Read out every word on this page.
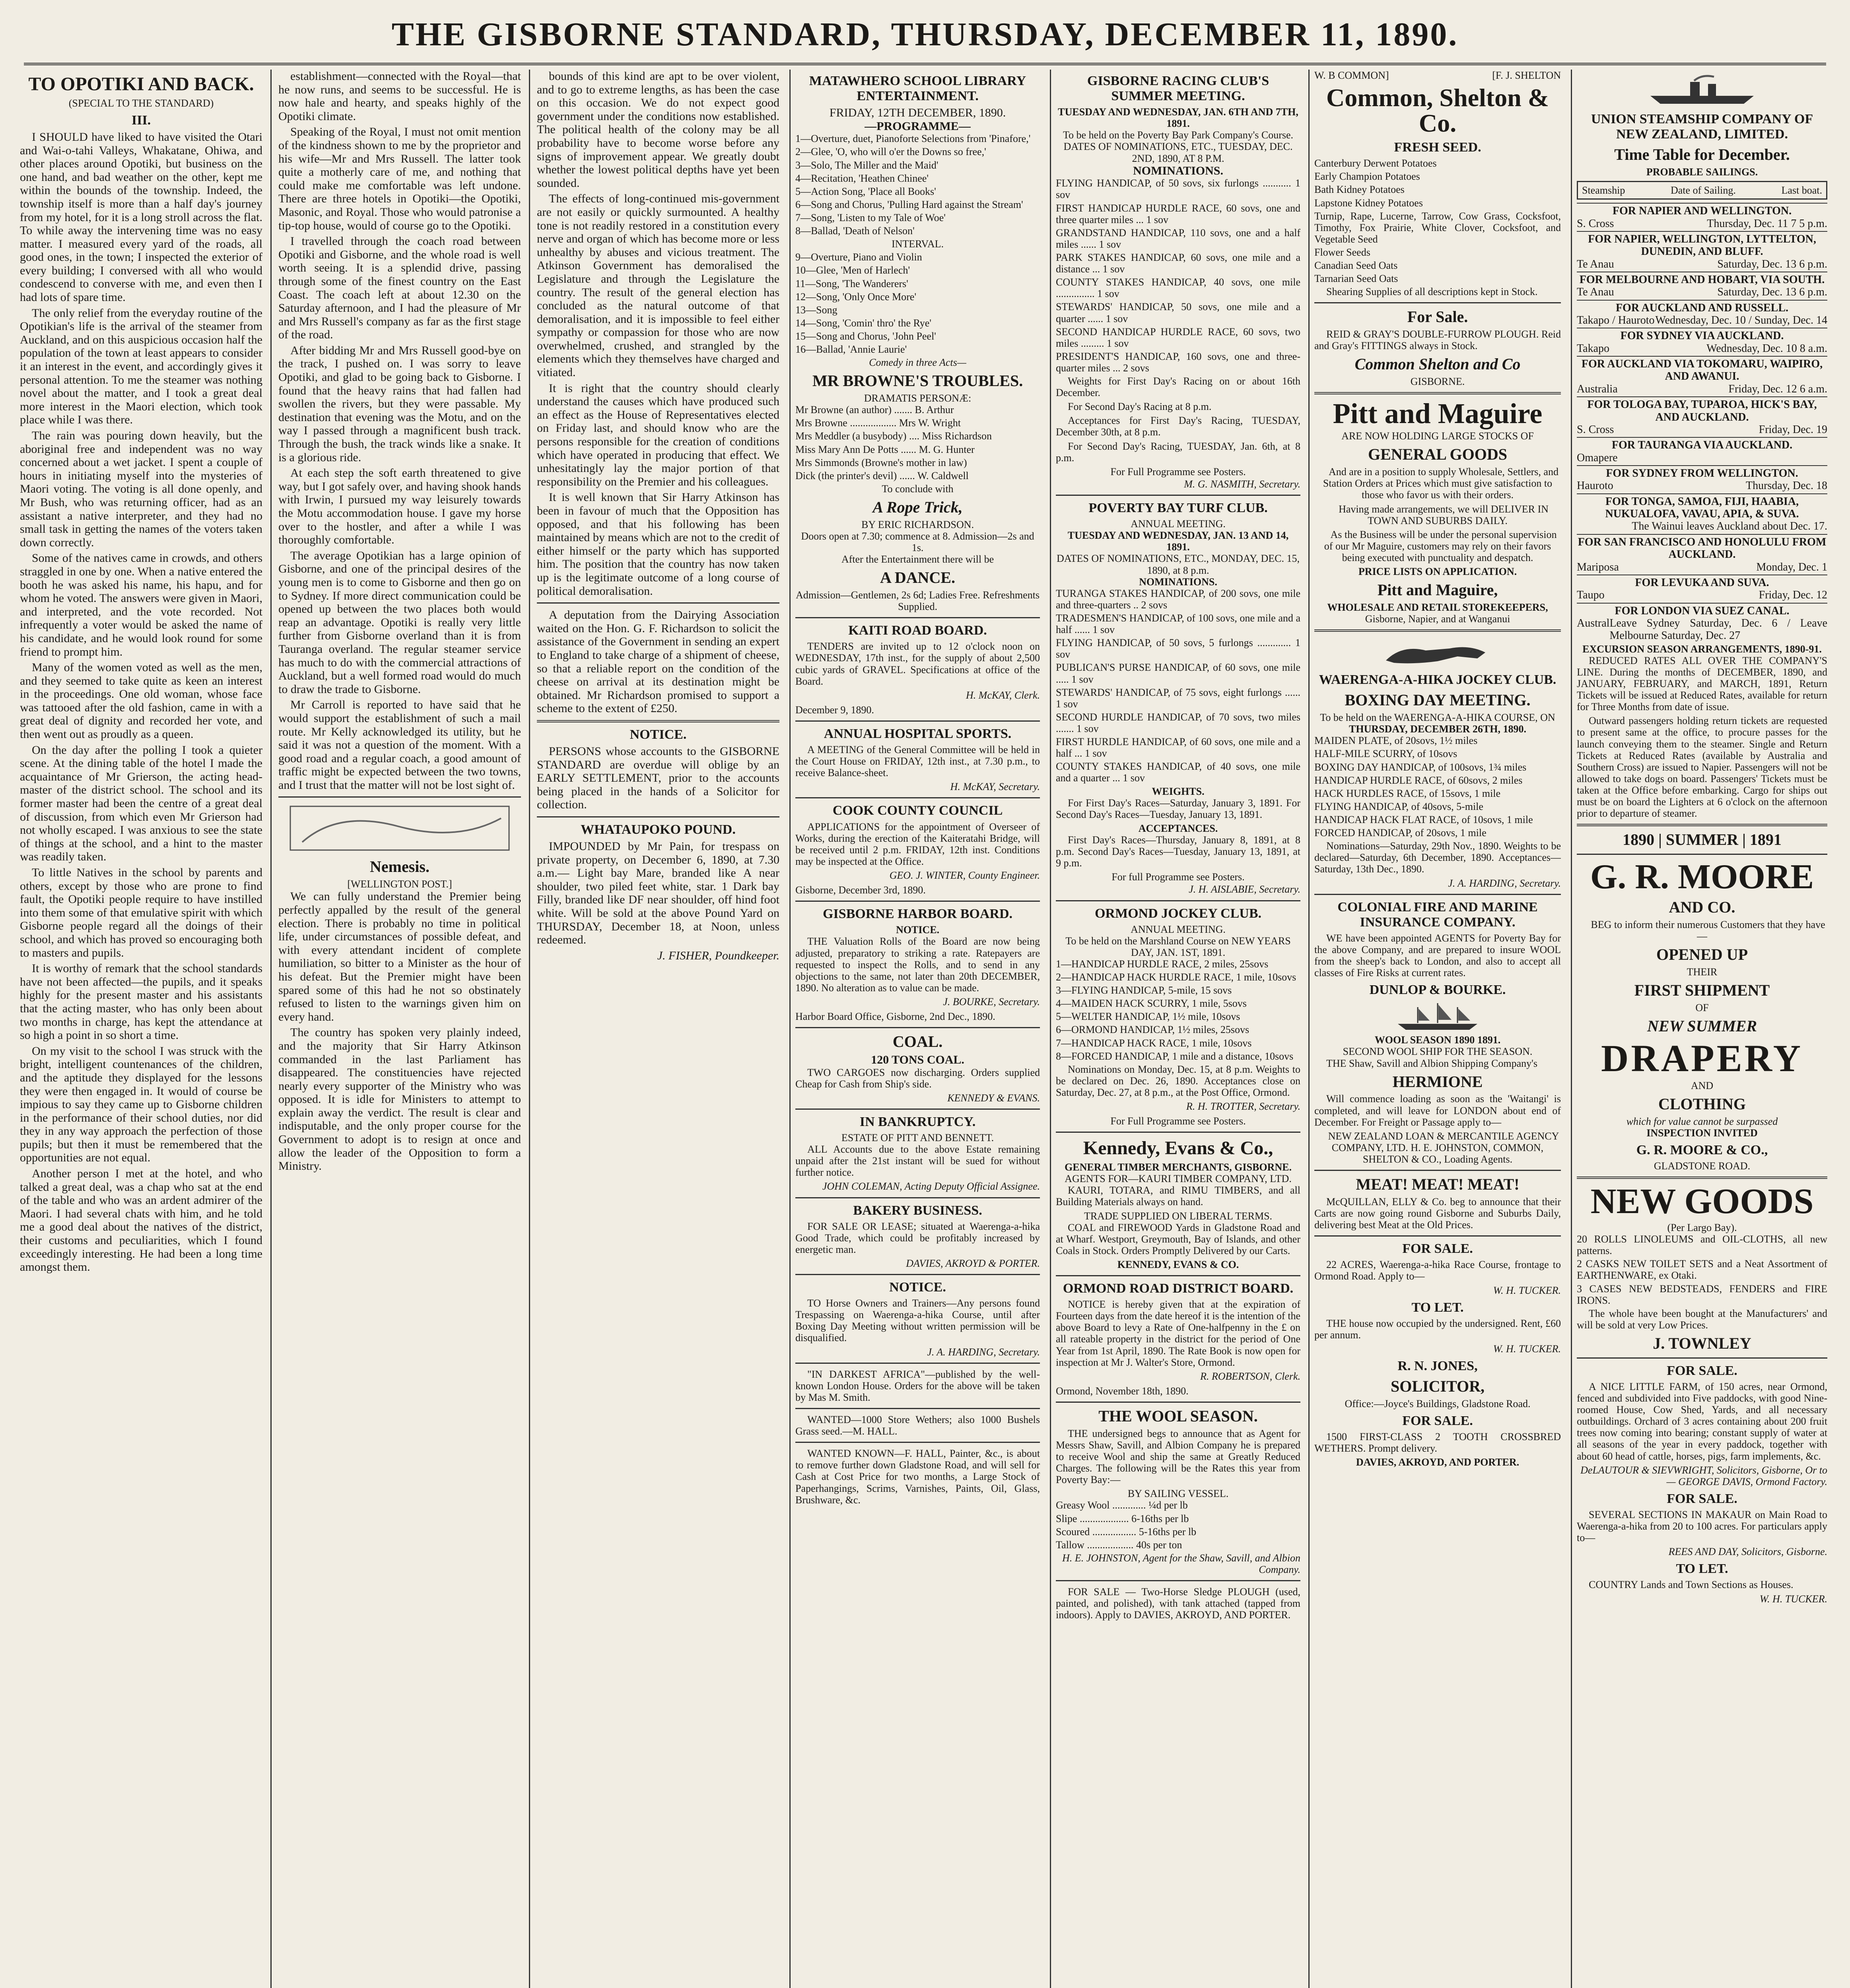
THE GISBORNE STANDARD, THURSDAY, DECEMBER 11, 1890.
TO OPOTIKI AND BACK.
(SPECIAL TO THE STANDARD)
III.

I SHOULD have liked to have visited the Otari and Wai-o-tahi Valleys, Whakatane, Ohiwa, and other places around Opotiki, but business on the one hand, and bad weather on the other, kept me within the bounds of the township. Indeed, the township itself is more than a half day's journey from my hotel, for it is a long stroll across the flat. To while away the intervening time was no easy matter. I measured every yard of the roads, all good ones, in the town; I inspected the exterior of every building; I conversed with all who would condescend to converse with me, and even then I had lots of spare time.

The only relief from the everyday routine of the Opotikian's life is the arrival of the steamer from Auckland, and on this auspicious occasion half the population of the town at least appears to consider it an interest in the event, and accordingly gives it personal attention. To me the steamer was nothing novel about the matter, and I took a great deal more interest in the Maori election, which took place while I was there.

The rain was pouring down heavily, but the aboriginal free and independent was no way concerned about a wet jacket. I spent a couple of hours in initiating myself into the mysteries of Maori voting. The voting is all done openly, and Mr Bush, who was returning officer, had as an assistant a native interpreter, and they had no small task in getting the names of the voters taken down correctly.

Some of the natives came in crowds, and others straggled in one by one. When a native entered the booth he was asked his name, his hapu, and for whom he voted. The answers were given in Maori, and interpreted, and the vote recorded. Not infrequently a voter would be asked the name of his candidate, and he would look round for some friend to prompt him.

Many of the women voted as well as the men, and they seemed to take quite as keen an interest in the proceedings. One old woman, whose face was tattooed after the old fashion, came in with a great deal of dignity and recorded her vote, and then went out as proudly as a queen.

On the day after the polling I took a quieter scene. At the dining table of the hotel I made the acquaintance of Mr Grierson, the acting head-master of the district school. The school and its former master had been the centre of a great deal of discussion, from which even Mr Grierson had not wholly escaped. I was anxious to see the state of things at the school, and a hint to the master was readily taken.

To little Natives in the school by parents and others, except by those who are prone to find fault, the Opotiki people require to have instilled into them some of that emulative spirit with which Gisborne people regard all the doings of their school, and which has proved so encouraging both to masters and pupils.

It is worthy of remark that the school standards have not been affected—the pupils, and it speaks highly for the present master and his assistants that the acting master, who has only been about two months in charge, has kept the attendance at so high a point in so short a time.

On my visit to the school I was struck with the bright, intelligent countenances of the children, and the aptitude they displayed for the lessons they were then engaged in. It would of course be impious to say they came up to Gisborne children in the performance of their school duties, nor did they in any way approach the perfection of those pupils; but then it must be remembered that the opportunities are not equal.

Another person I met at the hotel, and who talked a great deal, was a chap who sat at the end of the table and who was an ardent admirer of the Maori. I had several chats with him, and he told me a good deal about the natives of the district, their customs and peculiarities, which I found exceedingly interesting. He had been a long time amongst them.

establishment—connected with the Royal—that he now runs, and seems to be successful. He is now hale and hearty, and speaks highly of the Opotiki climate.

Speaking of the Royal, I must not omit mention of the kindness shown to me by the proprietor and his wife—Mr and Mrs Russell. The latter took quite a motherly care of me, and nothing that could make me comfortable was left undone. There are three hotels in Opotiki—the Opotiki, Masonic, and Royal. Those who would patronise a tip-top house, would of course go to the Opotiki.

I travelled through the coach road between Opotiki and Gisborne, and the whole road is well worth seeing. It is a splendid drive, passing through some of the finest country on the East Coast. The coach left at about 12.30 on the Saturday afternoon, and I had the pleasure of Mr and Mrs Russell's company as far as the first stage of the road.

After bidding Mr and Mrs Russell good-bye on the track, I pushed on. I was sorry to leave Opotiki, and glad to be going back to Gisborne. I found that the heavy rains that had fallen had swollen the rivers, but they were passable. My destination that evening was the Motu, and on the way I passed through a magnificent bush track. Through the bush, the track winds like a snake. It is a glorious ride.

At each step the soft earth threatened to give way, but I got safely over, and having shook hands with Irwin, I pursued my way leisurely towards the Motu accommodation house. I gave my horse over to the hostler, and after a while I was thoroughly comfortable.

The average Opotikian has a large opinion of Gisborne, and one of the principal desires of the young men is to come to Gisborne and then go on to Sydney. If more direct communication could be opened up between the two places both would reap an advantage. Opotiki is really very little further from Gisborne overland than it is from Tauranga overland. The regular steamer service has much to do with the commercial attractions of Auckland, but a well formed road would do much to draw the trade to Gisborne.

Mr Carroll is reported to have said that he would support the establishment of such a mail route. Mr Kelly acknowledged its utility, but he said it was not a question of the moment. With a good road and a regular coach, a good amount of traffic might be expected between the two towns, and I trust that the matter will not be lost sight of.

Nemesis.
[WELLINGTON POST.]

We can fully understand the Premier being perfectly appalled by the result of the general election. There is probably no time in political life, under circumstances of possible defeat, and with every attendant incident of complete humiliation, so bitter to a Minister as the hour of his defeat. But the Premier might have been spared some of this had he not so obstinately refused to listen to the warnings given him on every hand.

The country has spoken very plainly indeed, and the majority that Sir Harry Atkinson commanded in the last Parliament has disappeared. The constituencies have rejected nearly every supporter of the Ministry who was opposed. It is idle for Ministers to attempt to explain away the verdict. The result is clear and indisputable, and the only proper course for the Government to adopt is to resign at once and allow the leader of the Opposition to form a Ministry.

bounds of this kind are apt to be over violent, and to go to extreme lengths, as has been the case on this occasion. We do not expect good government under the conditions now established. The political health of the colony may be all probability have to become worse before any signs of improvement appear. We greatly doubt whether the lowest political depths have yet been sounded.

The effects of long-continued mis-government are not easily or quickly surmounted. A healthy tone is not readily restored in a constitution every nerve and organ of which has become more or less unhealthy by abuses and vicious treatment. The Atkinson Government has demoralised the Legislature and through the Legislature the country. The result of the general election has concluded as the natural outcome of that demoralisation, and it is impossible to feel either sympathy or compassion for those who are now overwhelmed, crushed, and strangled by the elements which they themselves have charged and vitiated.

It is right that the country should clearly understand the causes which have produced such an effect as the House of Representatives elected on Friday last, and should know who are the persons responsible for the creation of conditions which have operated in producing that effect. We unhesitatingly lay the major portion of that responsibility on the Premier and his colleagues.

It is well known that Sir Harry Atkinson has been in favour of much that the Opposition has opposed, and that his following has been maintained by means which are not to the credit of either himself or the party which has supported him. The position that the country has now taken up is the legitimate outcome of a long course of political demoralisation.

A deputation from the Dairying Association waited on the Hon. G. F. Richardson to solicit the assistance of the Government in sending an expert to England to take charge of a shipment of cheese, so that a reliable report on the condition of the cheese on arrival at its destination might be obtained. Mr Richardson promised to support a scheme to the extent of £250.

NOTICE.

PERSONS whose accounts to the GISBORNE STANDARD are overdue will oblige by an EARLY SETTLEMENT, prior to the accounts being placed in the hands of a Solicitor for collection.

WHATAUPOKO POUND.

IMPOUNDED by Mr Pain, for trespass on private property, on December 6, 1890, at 7.30 a.m.— Light bay Mare, branded like A near shoulder, two piled feet white, star. 1 Dark bay Filly, branded like DF near shoulder, off hind foot white. Will be sold at the above Pound Yard on THURSDAY, December 18, at Noon, unless redeemed.

J. FISHER, Poundkeeper.
MATAWHERO SCHOOL LIBRARY ENTERTAINMENT.
FRIDAY, 12TH DECEMBER, 1890.
—PROGRAMME—
1—Overture, duet, Pianoforte Selections from 'Pinafore,'
2—Glee, 'O, who will o'er the Downs so free,'
3—Solo, The Miller and the Maid'
4—Recitation, 'Heathen Chinee'
5—Action Song, 'Place all Books'
6—Song and Chorus, 'Pulling Hard against the Stream'
7—Song, 'Listen to my Tale of Woe'
8—Ballad, 'Death of Nelson'
INTERVAL.
9—Overture, Piano and Violin
10—Glee, 'Men of Harlech'
11—Song, 'The Wanderers'
12—Song, 'Only Once More'
13—Song
14—Song, 'Comin' thro' the Rye'
15—Song and Chorus, 'John Peel'
16—Ballad, 'Annie Laurie'
Comedy in three Acts—
MR BROWNE'S TROUBLES.
DRAMATIS PERSONÆ:
Mr Browne (an author) ....... B. Arthur
Mrs Browne .................. Mrs W. Wright
Mrs Meddler (a busybody) .... Miss Richardson
Miss Mary Ann De Potts ...... M. G. Hunter
Mrs Simmonds (Browne's mother in law)
Dick (the printer's devil) ...... W. Caldwell
To conclude with
A Rope Trick,
BY ERIC RICHARDSON.
Doors open at 7.30; commence at 8. Admission—2s and 1s.
After the Entertainment there will be
A DANCE.
Admission—Gentlemen, 2s 6d; Ladies Free. Refreshments Supplied.
KAITI ROAD BOARD.

TENDERS are invited up to 12 o'clock noon on WEDNESDAY, 17th inst., for the supply of about 2,500 cubic yards of GRAVEL. Specifications at office of the Board.

H. McKAY, Clerk.
December 9, 1890.
ANNUAL HOSPITAL SPORTS.

A MEETING of the General Committee will be held in the Court House on FRIDAY, 12th inst., at 7.30 p.m., to receive Balance-sheet.

H. McKAY, Secretary.
COOK COUNTY COUNCIL

APPLICATIONS for the appointment of Overseer of Works, during the erection of the Kaiteratahi Bridge, will be received until 2 p.m. FRIDAY, 12th inst. Conditions may be inspected at the Office.

GEO. J. WINTER, County Engineer.
Gisborne, December 3rd, 1890.
GISBORNE HARBOR BOARD.
NOTICE.

THE Valuation Rolls of the Board are now being adjusted, preparatory to striking a rate. Ratepayers are requested to inspect the Rolls, and to send in any objections to the same, not later than 20th DECEMBER, 1890. No alteration as to value can be made.

J. BOURKE, Secretary.
Harbor Board Office, Gisborne, 2nd Dec., 1890.
COAL.
120 TONS COAL.

TWO CARGOES now discharging. Orders supplied Cheap for Cash from Ship's side.

KENNEDY & EVANS.
IN BANKRUPTCY.
ESTATE OF PITT AND BENNETT.

ALL Accounts due to the above Estate remaining unpaid after the 21st instant will be sued for without further notice.

JOHN COLEMAN, Acting Deputy Official Assignee.
BAKERY BUSINESS.

FOR SALE OR LEASE; situated at Waerenga-a-hika Good Trade, which could be profitably increased by energetic man.

DAVIES, AKROYD & PORTER.
NOTICE.

TO Horse Owners and Trainers—Any persons found Trespassing on Waerenga-a-hika Course, until after Boxing Day Meeting without written permission will be disqualified.

J. A. HARDING, Secretary.

"IN DARKEST AFRICA"—published by the well-known London House. Orders for the above will be taken by Mas M. Smith.

WANTED—1000 Store Wethers; also 1000 Bushels Grass seed.—M. HALL.

WANTED KNOWN—F. HALL, Painter, &c., is about to remove further down Gladstone Road, and will sell for Cash at Cost Price for two months, a Large Stock of Paperhangings, Scrims, Varnishes, Paints, Oil, Glass, Brushware, &c.

GISBORNE RACING CLUB'S SUMMER MEETING.
TUESDAY AND WEDNESDAY, JAN. 6TH AND 7TH, 1891.
To be held on the Poverty Bay Park Company's Course.
DATES OF NOMINATIONS, ETC., TUESDAY, DEC. 2ND, 1890, AT 8 P.M.
NOMINATIONS.
FLYING HANDICAP, of 50 sovs, six furlongs ........... 1 sov
FIRST HANDICAP HURDLE RACE, 60 sovs, one and three quarter miles ... 1 sov
GRANDSTAND HANDICAP, 110 sovs, one and a half miles ...... 1 sov
PARK STAKES HANDICAP, 60 sovs, one mile and a distance ... 1 sov
COUNTY STAKES HANDICAP, 40 sovs, one mile ............... 1 sov
STEWARDS' HANDICAP, 50 sovs, one mile and a quarter ...... 1 sov
SECOND HANDICAP HURDLE RACE, 60 sovs, two miles ......... 1 sov
PRESIDENT'S HANDICAP, 160 sovs, one and three-quarter miles ... 2 sovs

Weights for First Day's Racing on or about 16th December.

For Second Day's Racing at 8 p.m.

Acceptances for First Day's Racing, TUESDAY, December 30th, at 8 p.m.

For Second Day's Racing, TUESDAY, Jan. 6th, at 8 p.m.

For Full Programme see Posters.
M. G. NASMITH, Secretary.
POVERTY BAY TURF CLUB.
ANNUAL MEETING.
TUESDAY AND WEDNESDAY, JAN. 13 AND 14, 1891.
DATES OF NOMINATIONS, ETC., MONDAY, DEC. 15, 1890, at 8 p.m.
NOMINATIONS.
TURANGA STAKES HANDICAP, of 200 sovs, one mile and three-quarters .. 2 sovs
TRADESMEN'S HANDICAP, of 100 sovs, one mile and a half ...... 1 sov
FLYING HANDICAP, of 50 sovs, 5 furlongs ............. 1 sov
PUBLICAN'S PURSE HANDICAP, of 60 sovs, one mile ..... 1 sov
STEWARDS' HANDICAP, of 75 sovs, eight furlongs ...... 1 sov
SECOND HURDLE HANDICAP, of 70 sovs, two miles ....... 1 sov
FIRST HURDLE HANDICAP, of 60 sovs, one mile and a half ... 1 sov
COUNTY STAKES HANDICAP, of 40 sovs, one mile and a quarter ... 1 sov
WEIGHTS.

For First Day's Races—Saturday, January 3, 1891. For Second Day's Races—Tuesday, January 13, 1891.

ACCEPTANCES.

First Day's Races—Thursday, January 8, 1891, at 8 p.m. Second Day's Races—Tuesday, January 13, 1891, at 9 p.m.

For full Programme see Posters.
J. H. AISLABIE, Secretary.
ORMOND JOCKEY CLUB.
ANNUAL MEETING.
To be held on the Marshland Course on NEW YEARS DAY, JAN. 1ST, 1891.
1—HANDICAP HURDLE RACE, 2 miles, 25sovs
2—HANDICAP HACK HURDLE RACE, 1 mile, 10sovs
3—FLYING HANDICAP, 5-mile, 15 sovs
4—MAIDEN HACK SCURRY, 1 mile, 5sovs
5—WELTER HANDICAP, 1½ mile, 10sovs
6—ORMOND HANDICAP, 1½ miles, 25sovs
7—HANDICAP HACK RACE, 1 mile, 10sovs
8—FORCED HANDICAP, 1 mile and a distance, 10sovs

Nominations on Monday, Dec. 15, at 8 p.m. Weights to be declared on Dec. 26, 1890. Acceptances close on Saturday, Dec. 27, at 8 p.m., at the Post Office, Ormond.

R. H. TROTTER, Secretary.
For Full Programme see Posters.
Kennedy, Evans & Co.,
GENERAL TIMBER MERCHANTS, GISBORNE.
AGENTS FOR—KAURI TIMBER COMPANY, LTD.

KAURI, TOTARA, and RIMU TIMBERS, and all Building Materials always on hand.

TRADE SUPPLIED ON LIBERAL TERMS.

COAL and FIREWOOD Yards in Gladstone Road and at Wharf. Westport, Greymouth, Bay of Islands, and other Coals in Stock. Orders Promptly Delivered by our Carts.

KENNEDY, EVANS & CO.
ORMOND ROAD DISTRICT BOARD.

NOTICE is hereby given that at the expiration of Fourteen days from the date hereof it is the intention of the above Board to levy a Rate of One-halfpenny in the £ on all rateable property in the district for the period of One Year from 1st April, 1890. The Rate Book is now open for inspection at Mr J. Walter's Store, Ormond.

R. ROBERTSON, Clerk.
Ormond, November 18th, 1890.
THE WOOL SEASON.

THE undersigned begs to announce that as Agent for Messrs Shaw, Savill, and Albion Company he is prepared to receive Wool and ship the same at Greatly Reduced Charges. The following will be the Rates this year from Poverty Bay:—

BY SAILING VESSEL.
Greasy Wool ............. ¼d per lb
Slipe ................... 6-16ths per lb
Scoured ................. 5-16ths per lb
Tallow .................. 40s per ton
H. E. JOHNSTON, Agent for the Shaw, Savill, and Albion Company.

FOR SALE — Two-Horse Sledge PLOUGH (used, painted, and polished), with tank attached (tapped from indoors). Apply to DAVIES, AKROYD, AND PORTER.

W. B COMMON]	[F. J. SHELTON
Common, Shelton & Co.
FRESH SEED.
Canterbury Derwent Potatoes
Early Champion Potatoes
Bath Kidney Potatoes
Lapstone Kidney Potatoes
Turnip, Rape, Lucerne, Tarrow, Cow Grass, Cocksfoot, Timothy, Fox Prairie, White Clover, Cocksfoot, and Vegetable Seed
Flower Seeds
Canadian Seed Oats
Tarnarian Seed Oats

Shearing Supplies of all descriptions kept in Stock.

For Sale.

REID & GRAY'S DOUBLE-FURROW PLOUGH. Reid and Gray's FITTINGS always in Stock.

Common Shelton and Co
GISBORNE.
Pitt and Maguire
ARE NOW HOLDING LARGE STOCKS OF
GENERAL GOODS

And are in a position to supply Wholesale, Settlers, and Station Orders at Prices which must give satisfaction to those who favor us with their orders.

Having made arrangements, we will DELIVER IN TOWN AND SUBURBS DAILY.

As the Business will be under the personal supervision of our Mr Maguire, customers may rely on their favors being executed with punctuality and despatch.

PRICE LISTS ON APPLICATION.
Pitt and Maguire,
WHOLESALE AND RETAIL STOREKEEPERS,
Gisborne, Napier, and at Wanganui
WAERENGA-A-HIKA JOCKEY CLUB.
BOXING DAY MEETING.
To be held on the WAERENGA-A-HIKA COURSE, ON
THURSDAY, DECEMBER 26TH, 1890.
MAIDEN PLATE, of 20sovs, 1½ miles
HALF-MILE SCURRY, of 10sovs
BOXING DAY HANDICAP, of 100sovs, 1¾ miles
HANDICAP HURDLE RACE, of 60sovs, 2 miles
HACK HURDLES RACE, of 15sovs, 1 mile
FLYING HANDICAP, of 40sovs, 5-mile
HANDICAP HACK FLAT RACE, of 10sovs, 1 mile
FORCED HANDICAP, of 20sovs, 1 mile

Nominations—Saturday, 29th Nov., 1890. Weights to be declared—Saturday, 6th December, 1890. Acceptances—Saturday, 13th Dec., 1890.

J. A. HARDING, Secretary.
COLONIAL FIRE AND MARINE INSURANCE COMPANY.

WE have been appointed AGENTS for Poverty Bay for the above Company, and are prepared to insure WOOL from the sheep's back to London, and also to accept all classes of Fire Risks at current rates.

DUNLOP & BOURKE.
WOOL SEASON 1890 1891.
SECOND WOOL SHIP FOR THE SEASON.

THE Shaw, Savill and Albion Shipping Company's

HERMIONE

Will commence loading as soon as the 'Waitangi' is completed, and will leave for LONDON about end of December. For Freight or Passage apply to—

NEW ZEALAND LOAN & MERCANTILE AGENCY COMPANY, LTD. H. E. JOHNSTON, COMMON, SHELTON & CO., Loading Agents.

MEAT! MEAT! MEAT!

McQUILLAN, ELLY & Co. beg to announce that their Carts are now going round Gisborne and Suburbs Daily, delivering best Meat at the Old Prices.

FOR SALE.

22 ACRES, Waerenga-a-hika Race Course, frontage to Ormond Road. Apply to—

W. H. TUCKER.
TO LET.

THE house now occupied by the undersigned. Rent, £60 per annum.

W. H. TUCKER.
R. N. JONES,
SOLICITOR,
Office:—Joyce's Buildings, Gladstone Road.
FOR SALE.

1500 FIRST-CLASS 2 TOOTH CROSSBRED WETHERS. Prompt delivery.

DAVIES, AKROYD, AND PORTER.
UNION STEAMSHIP COMPANY OF NEW ZEALAND, LIMITED.
Time Table for December.
PROBABLE SAILINGS.
Steamship	Date of Sailing.	Last boat.
FOR NAPIER AND WELLINGTON.
S. Cross	Thursday, Dec. 11 7 5 p.m.
FOR NAPIER, WELLINGTON, LYTTELTON, DUNEDIN, AND BLUFF.
Te Anau	Saturday, Dec. 13 6 p.m.
FOR MELBOURNE AND HOBART, VIA SOUTH.
Te Anau	Saturday, Dec. 13 6 p.m.
FOR AUCKLAND AND RUSSELL.
Takapo / Hauroto Wednesday, Dec. 10 / Sunday, Dec. 14
FOR SYDNEY VIA AUCKLAND.
Takapo	Wednesday, Dec. 10 8 a.m.
FOR AUCKLAND VIA TOKOMARU, WAIPIRO, AND AWANUI.
Australia	Friday, Dec. 12 6 a.m.
FOR TOLOGA BAY, TUPAROA, HICK'S BAY, AND AUCKLAND.
S. Cross	Friday, Dec. 19
FOR TAURANGA VIA AUCKLAND.
Omapere
FOR SYDNEY FROM WELLINGTON.
Hauroto	Thursday, Dec. 18
FOR TONGA, SAMOA, FIJI, HAABIA, NUKUALOFA, VAVAU, APIA, & SUVA.
The Wainui leaves Auckland about Dec. 17.
FOR SAN FRANCISCO AND HONOLULU FROM AUCKLAND.
Mariposa	Monday, Dec. 1
FOR LEVUKA AND SUVA.
Taupo	Friday, Dec. 12
FOR LONDON VIA SUEZ CANAL.
Austral Leave Sydney Saturday, Dec. 6 / Leave Melbourne Saturday, Dec. 27
EXCURSION SEASON ARRANGEMENTS, 1890-91.

REDUCED RATES ALL OVER THE COMPANY'S LINE. During the months of DECEMBER, 1890, and JANUARY, FEBRUARY, and MARCH, 1891, Return Tickets will be issued at Reduced Rates, available for return for Three Months from date of issue.

Outward passengers holding return tickets are requested to present same at the office, to procure passes for the launch conveying them to the steamer. Single and Return Tickets at Reduced Rates (available by Australia and Southern Cross) are issued to Napier. Passengers will not be allowed to take dogs on board. Passengers' Tickets must be taken at the Office before embarking. Cargo for ships out must be on board the Lighters at 6 o'clock on the afternoon prior to departure of steamer.

1890 | SUMMER | 1891
G. R. MOORE
AND CO.

BEG to inform their numerous Customers that they have—

OPENED UP
THEIR
FIRST SHIPMENT
OF
NEW SUMMER
DRAPERY
AND
CLOTHING
which for value cannot be surpassed
INSPECTION INVITED
G. R. MOORE & CO.,
GLADSTONE ROAD.
NEW GOODS
(Per Largo Bay).
20 ROLLS LINOLEUMS and OIL-CLOTHS, all new patterns.
2 CASKS NEW TOILET SETS and a Neat Assortment of EARTHENWARE, ex Otaki.
3 CASES NEW BEDSTEADS, FENDERS and FIRE IRONS.

The whole have been bought at the Manufacturers' and will be sold at very Low Prices.

J. TOWNLEY
FOR SALE.

A NICE LITTLE FARM, of 150 acres, near Ormond, fenced and subdivided into Five paddocks, with good Nine-roomed House, Cow Shed, Yards, and all necessary outbuildings. Orchard of 3 acres containing about 200 fruit trees now coming into bearing; constant supply of water at all seasons of the year in every paddock, together with about 60 head of cattle, horses, pigs, farm implements, &c.

DeLAUTOUR & SIEVWRIGHT, Solicitors, Gisborne, Or to— GEORGE DAVIS, Ormond Factory.
FOR SALE.

SEVERAL SECTIONS IN MAKAUR on Main Road to Waerenga-a-hika from 20 to 100 acres. For particulars apply to—

REES AND DAY, Solicitors, Gisborne.
TO LET.

COUNTRY Lands and Town Sections as Houses.

W. H. TUCKER.
